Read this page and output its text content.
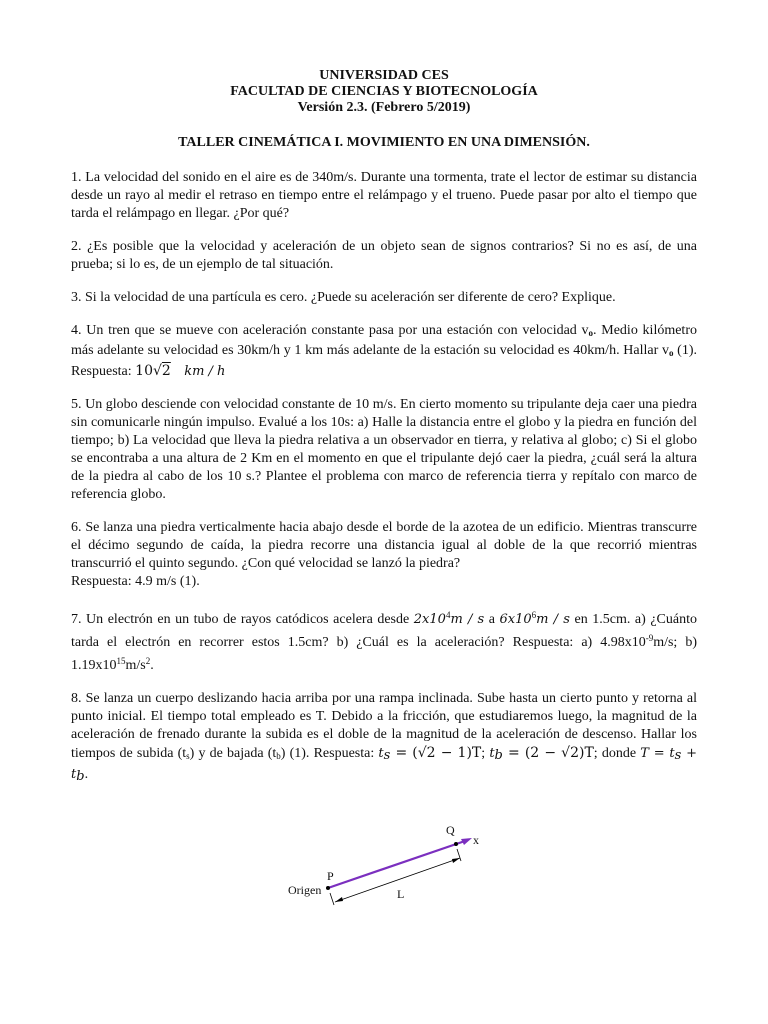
UNIVERSIDAD CES
FACULTAD DE CIENCIAS Y BIOTECNOLOGÍA
Versión 2.3. (Febrero 5/2019)
TALLER CINEMÁTICA I. MOVIMIENTO EN UNA DIMENSIÓN.

1. La velocidad del sonido en el aire es de 340m/s. Durante una tormenta, trate el lector de estimar su distancia desde un rayo al medir el retraso en tiempo entre el relámpago y el trueno. Puede pasar por alto el tiempo que tarda el relámpago en llegar. ¿Por qué?

2. ¿Es posible que la velocidad y aceleración de un objeto sean de signos contrarios? Si no es así, de una prueba; si lo es, de un ejemplo de tal situación.

3. Si la velocidad de una partícula es cero. ¿Puede su aceleración ser diferente de cero? Explique.

4. Un tren que se mueve con aceleración constante pasa por una estación con velocidad $v_o$. Medio kilómetro más adelante su velocidad es 30km/h y 1 km más adelante de la estación su velocidad es 40km/h. Hallar $v_o$ (1). Respuesta: 10√2 km / h

5. Un globo desciende con velocidad constante de 10 m/s. En cierto momento su tripulante deja caer una piedra sin comunicarle ningún impulso. Evalué a los 10s: a) Halle la distancia entre el globo y la piedra en función del tiempo; b) La velocidad que lleva la piedra relativa a un observador en tierra, y relativa al globo; c) Si el globo se encontraba a una altura de 2 Km en el momento en que el tripulante dejó caer la piedra, ¿cuál será la altura de la piedra al cabo de los 10 s.? Plantee el problema con marco de referencia tierra y repítalo con marco de referencia globo.

6. Se lanza una piedra verticalmente hacia abajo desde el borde de la azotea de un edificio. Mientras transcurre el décimo segundo de caída, la piedra recorre una distancia igual al doble de la que recorrió mientras transcurrió el quinto segundo. ¿Con qué velocidad se lanzó la piedra?
Respuesta: 4.9 m/s (1).

7. Un electrón en un tubo de rayos catódicos acelera desde $2x10^4m$ / s a $6x10^6m$ / s en 1.5cm. a) ¿Cuánto tarda el electrón en recorrer estos 1.5cm? b) ¿Cuál es la aceleración? Respuesta: a) $4.98x10^{-9}m/s$; b) $1.19x10^{15}m/s^2$.

8. Se lanza un cuerpo deslizando hacia arriba por una rampa inclinada. Sube hasta un cierto punto y retorna al punto inicial. El tiempo total empleado es T. Debido a la fricción, que estudiaremos luego, la magnitud de la aceleración de frenado durante la subida es el doble de la magnitud de la aceleración de descenso. Hallar los tiempos de subida $(t_s)$ y de bajada $(t_b)$ (1). Respuesta: ts = (√2 − 1)T; tb = (2 − √2)T; donde T = ts + tb.

Origen
P
Q
x
L
